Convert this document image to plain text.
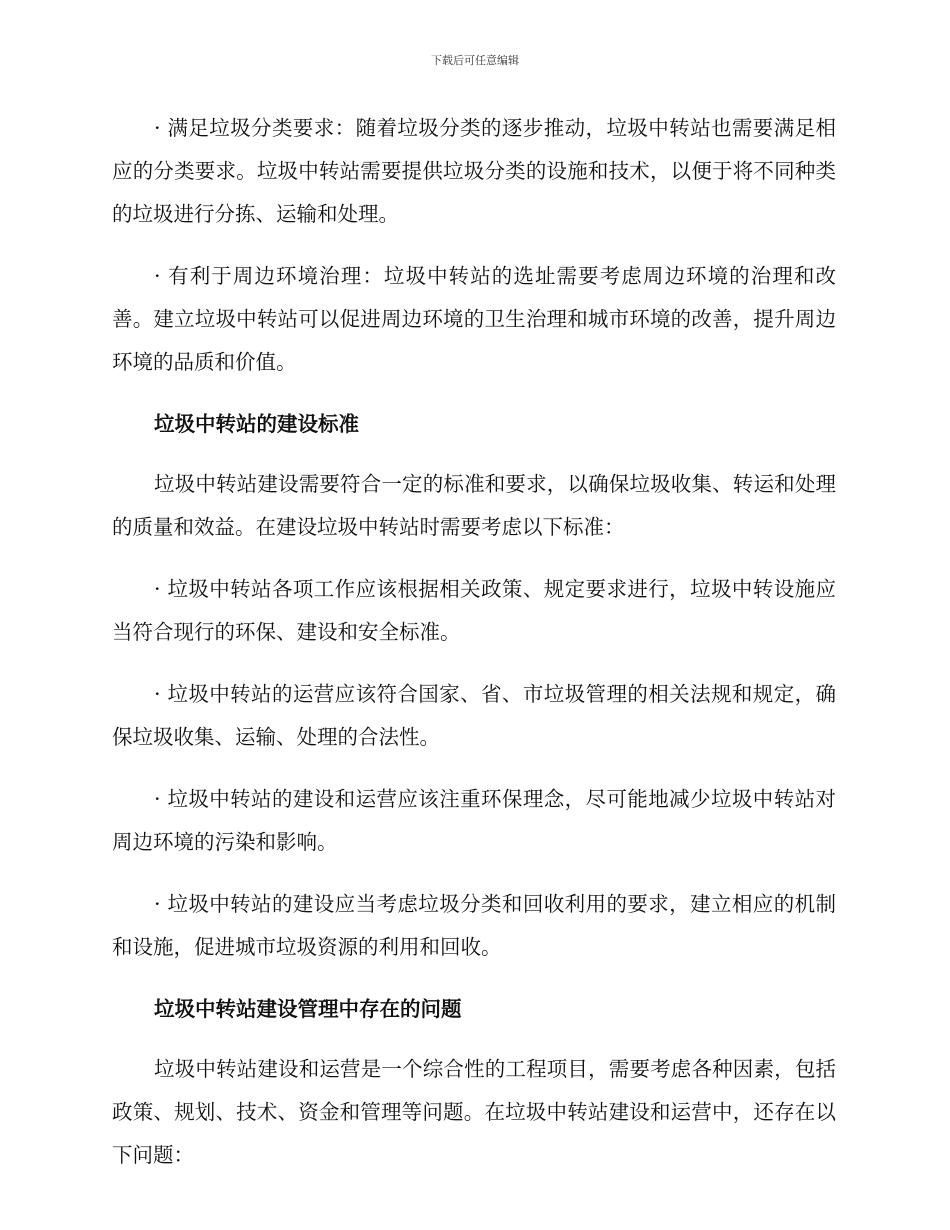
下载后可任意编辑

· 满足垃圾分类要求：随着垃圾分类的逐步推动，垃圾中转站也需要满足相应的分类要求。垃圾中转站需要提供垃圾分类的设施和技术，以便于将不同种类的垃圾进行分拣、运输和处理。

· 有利于周边环境治理：垃圾中转站的选址需要考虑周边环境的治理和改善。建立垃圾中转站可以促进周边环境的卫生治理和城市环境的改善，提升周边环境的品质和价值。

垃圾中转站的建设标准

垃圾中转站建设需要符合一定的标准和要求，以确保垃圾收集、转运和处理的质量和效益。在建设垃圾中转站时需要考虑以下标准：

· 垃圾中转站各项工作应该根据相关政策、规定要求进行，垃圾中转设施应当符合现行的环保、建设和安全标准。

· 垃圾中转站的运营应该符合国家、省、市垃圾管理的相关法规和规定，确保垃圾收集、运输、处理的合法性。

· 垃圾中转站的建设和运营应该注重环保理念，尽可能地减少垃圾中转站对周边环境的污染和影响。

· 垃圾中转站的建设应当考虑垃圾分类和回收利用的要求，建立相应的机制和设施，促进城市垃圾资源的利用和回收。

垃圾中转站建设管理中存在的问题

垃圾中转站建设和运营是一个综合性的工程项目，需要考虑各种因素，包括政策、规划、技术、资金和管理等问题。在垃圾中转站建设和运营中，还存在以下问题：
